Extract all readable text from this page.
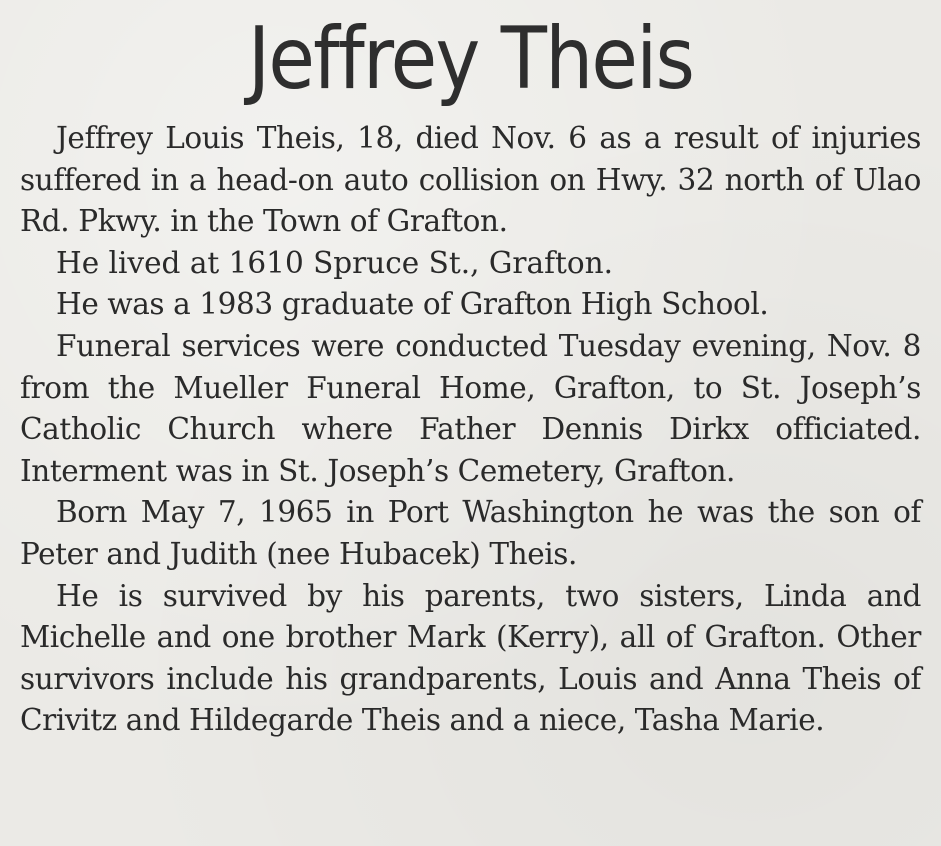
Jeffrey Theis

Jeffrey Louis Theis, 18, died Nov. 6 as a result of injuries suffered in a head-on auto collision on Hwy. 32 north of Ulao Rd. Pkwy. in the Town of Grafton.

He lived at 1610 Spruce St., Grafton.

He was a 1983 graduate of Grafton High School.

Funeral services were conducted Tuesday evening, Nov. 8 from the Mueller Funeral Home, Grafton, to St. Joseph’s Catholic Church where Father Dennis Dirkx officiated. Interment was in St. Joseph’s Cemetery, Grafton.

Born May 7, 1965 in Port Washington he was the son of Peter and Judith (nee Hubacek) Theis.

He is survived by his parents, two sisters, Linda and Michelle and one brother Mark (Kerry), all of Grafton. Other survivors include his grandparents, Louis and Anna Theis of Crivitz and Hildegarde Theis and a niece, Tasha Marie.
